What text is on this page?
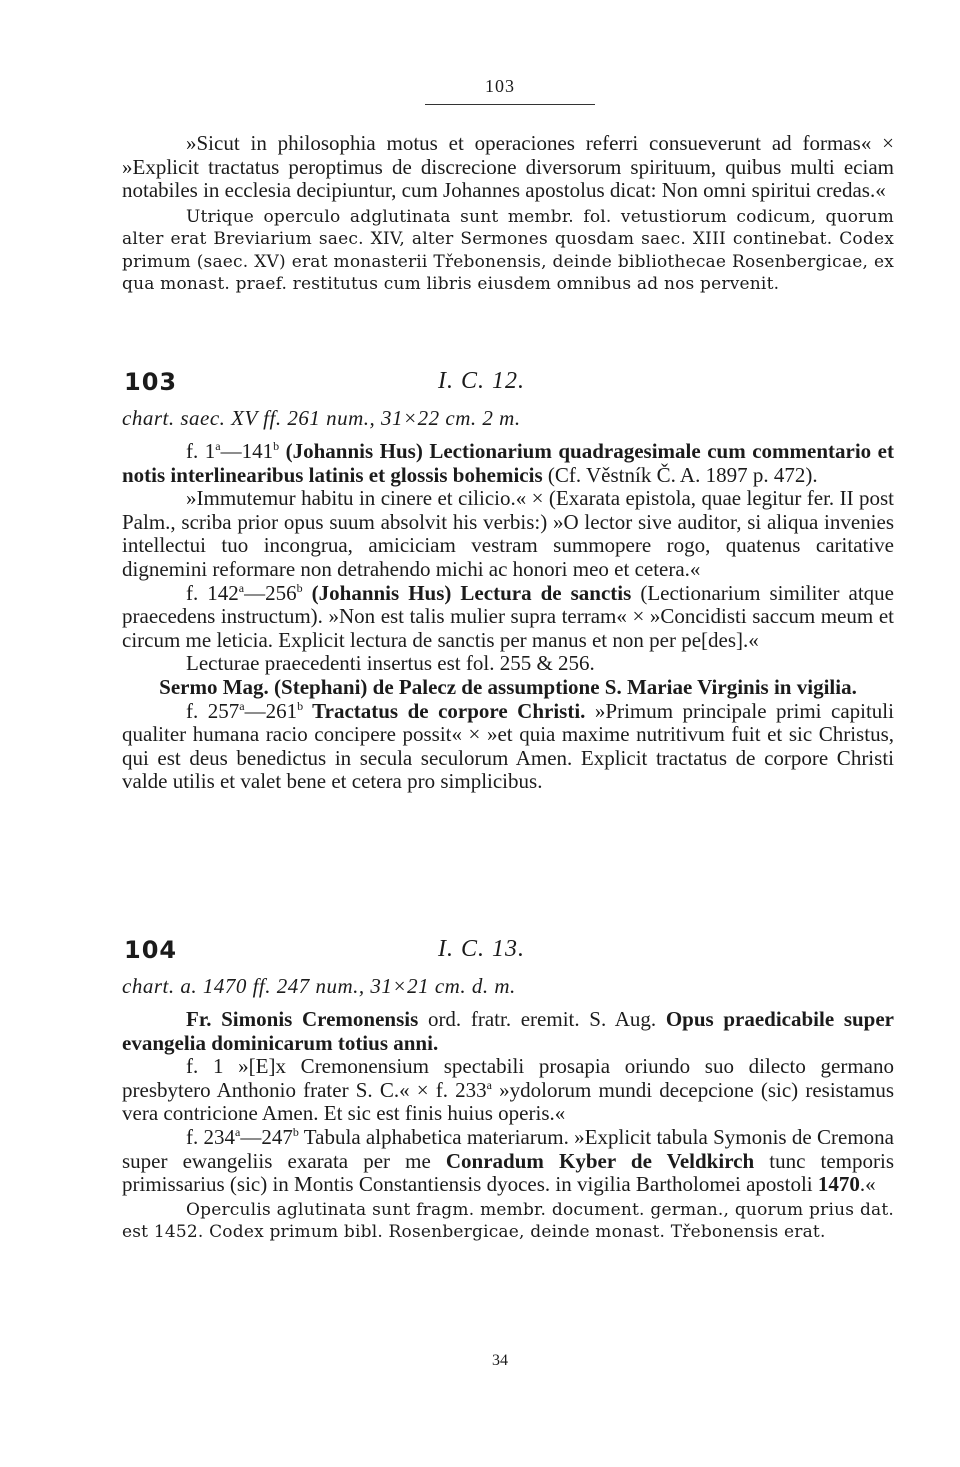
103

»Sicut in philosophia motus et operaciones referri consueverunt ad formas« × »Explicit tractatus peroptimus de discrecione diversorum spirituum, quibus multi eciam notabiles in ecclesia decipiuntur, cum Johannes apostolus dicat: Non omni spiritui credas.«

Utrique operculo adglutinata sunt membr. fol. vetustiorum codicum, quorum alter erat Breviarium saec. XIV, alter Sermones quosdam saec. XIII continebat. Codex primum (saec. XV) erat monasterii Třebonensis, deinde bibliothecae Rosenbergicae, ex qua monast. praef. restitutus cum libris eiusdem omnibus ad nos pervenit.

103	I. C. 12.
chart. saec. XV ff. 261 num., 31×22 cm. 2 m.

f. 1$^a$—141$^b$ (Johannis Hus) Lectionarium quadragesimale cum commentario et notis interlinearibus latinis et glossis bohemicis (Cf. Věstník Č. A. 1897 p. 472).

»Immutemur habitu in cinere et cilicio.« × (Exarata epistola, quae legitur fer. II post Palm., scriba prior opus suum absolvit his verbis:) »O lector sive auditor, si aliqua invenies intellectui tuo incongrua, amiciciam vestram summopere rogo, quatenus caritative dignemini reformare non detrahendo michi ac honori meo et cetera.«

f. 142$^a$—256$^b$ (Johannis Hus) Lectura de sanctis (Lectionarium similiter atque praecedens instructum). »Non est talis mulier supra terram« × »Concidisti saccum meum et circum me leticia. Explicit lectura de sanctis per manus et non per pe[des].«

Lecturae praecedenti insertus est fol. 255 & 256.

Sermo Mag. (Stephani) de Palecz de assumptione S. Mariae Virginis in vigilia.

f. 257$^a$—261$^b$ Tractatus de corpore Christi. »Primum principale primi capituli qualiter humana racio concipere possit« × »et quia maxime nutritivum fuit et sic Christus, qui est deus benedictus in secula seculorum Amen. Explicit tractatus de corpore Christi valde utilis et valet bene et cetera pro simplicibus.

104	I. C. 13.
chart. a. 1470 ff. 247 num., 31×21 cm. d. m.

Fr. Simonis Cremonensis ord. fratr. eremit. S. Aug. Opus praedicabile super evangelia dominicarum totius anni.

f. 1 »[E]x Cremonensium spectabili prosapia oriundo suo dilecto germano presbytero Anthonio frater S. C.« × f. 233$^a$ »ydolorum mundi decepcione (sic) resistamus vera contricione Amen. Et sic est finis huius operis.«

f. 234$^a$—247$^b$ Tabula alphabetica materiarum. »Explicit tabula Symonis de Cremona super ewangeliis exarata per me Conradum Kyber de Veldkirch tunc temporis primissarius (sic) in Montis Constantiensis dyoces. in vigilia Bartholomei apostoli 1470.«

Operculis aglutinata sunt fragm. membr. document. german., quorum prius dat. est 1452. Codex primum bibl. Rosenbergicae, deinde monast. Třebonensis erat.

34
